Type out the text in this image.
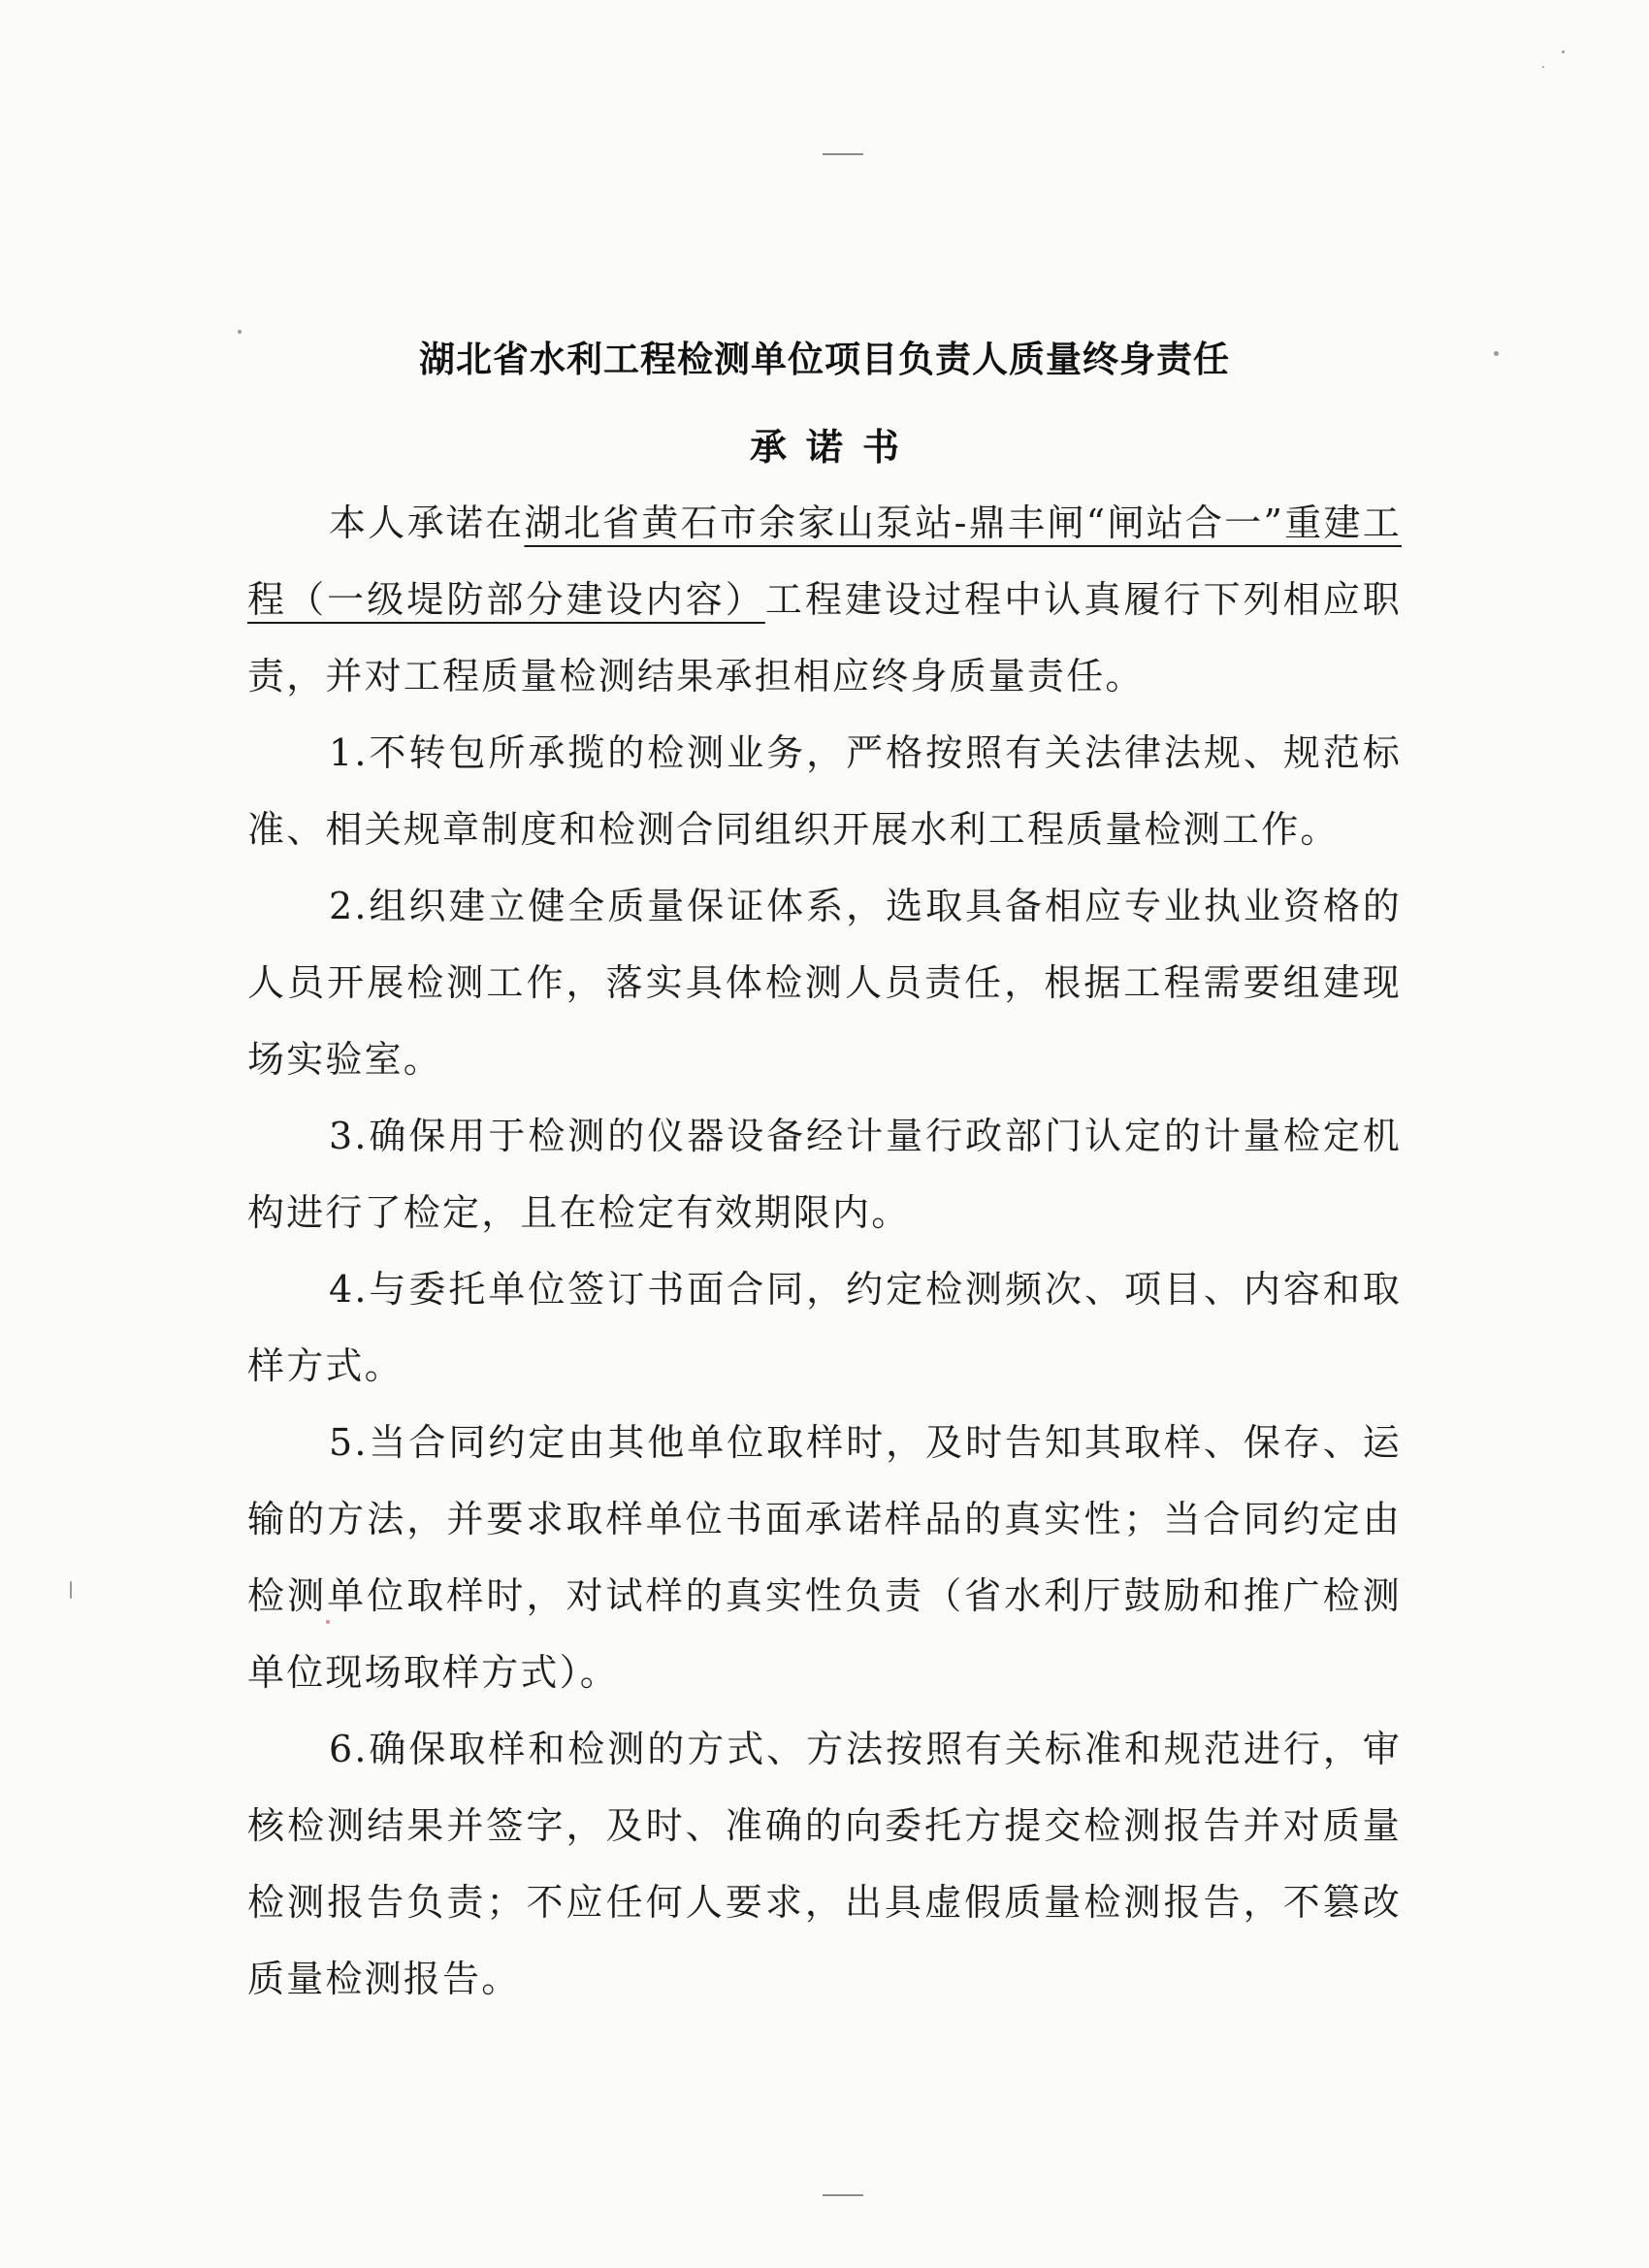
湖北省水利工程检测单位项目负责人质量终身责任
承诺书

本人承诺在湖北省黄石市余家山泵站-鼎丰闸“闸站合一”重建工程（一级堤防部分建设内容）工程建设过程中认真履行下列相应职责，并对工程质量检测结果承担相应终身质量责任。

1.不转包所承揽的检测业务，严格按照有关法律法规、规范标准、相关规章制度和检测合同组织开展水利工程质量检测工作。

2.组织建立健全质量保证体系，选取具备相应专业执业资格的人员开展检测工作，落实具体检测人员责任，根据工程需要组建现场实验室。

3.确保用于检测的仪器设备经计量行政部门认定的计量检定机构进行了检定，且在检定有效期限内。

4.与委托单位签订书面合同，约定检测频次、项目、内容和取样方式。

5.当合同约定由其他单位取样时，及时告知其取样、保存、运输的方法，并要求取样单位书面承诺样品的真实性；当合同约定由检测单位取样时，对试样的真实性负责（省水利厅鼓励和推广检测单位现场取样方式）。

6.确保取样和检测的方式、方法按照有关标准和规范进行，审核检测结果并签字，及时、准确的向委托方提交检测报告并对质量检测报告负责；不应任何人要求，出具虚假质量检测报告，不篡改质量检测报告。
